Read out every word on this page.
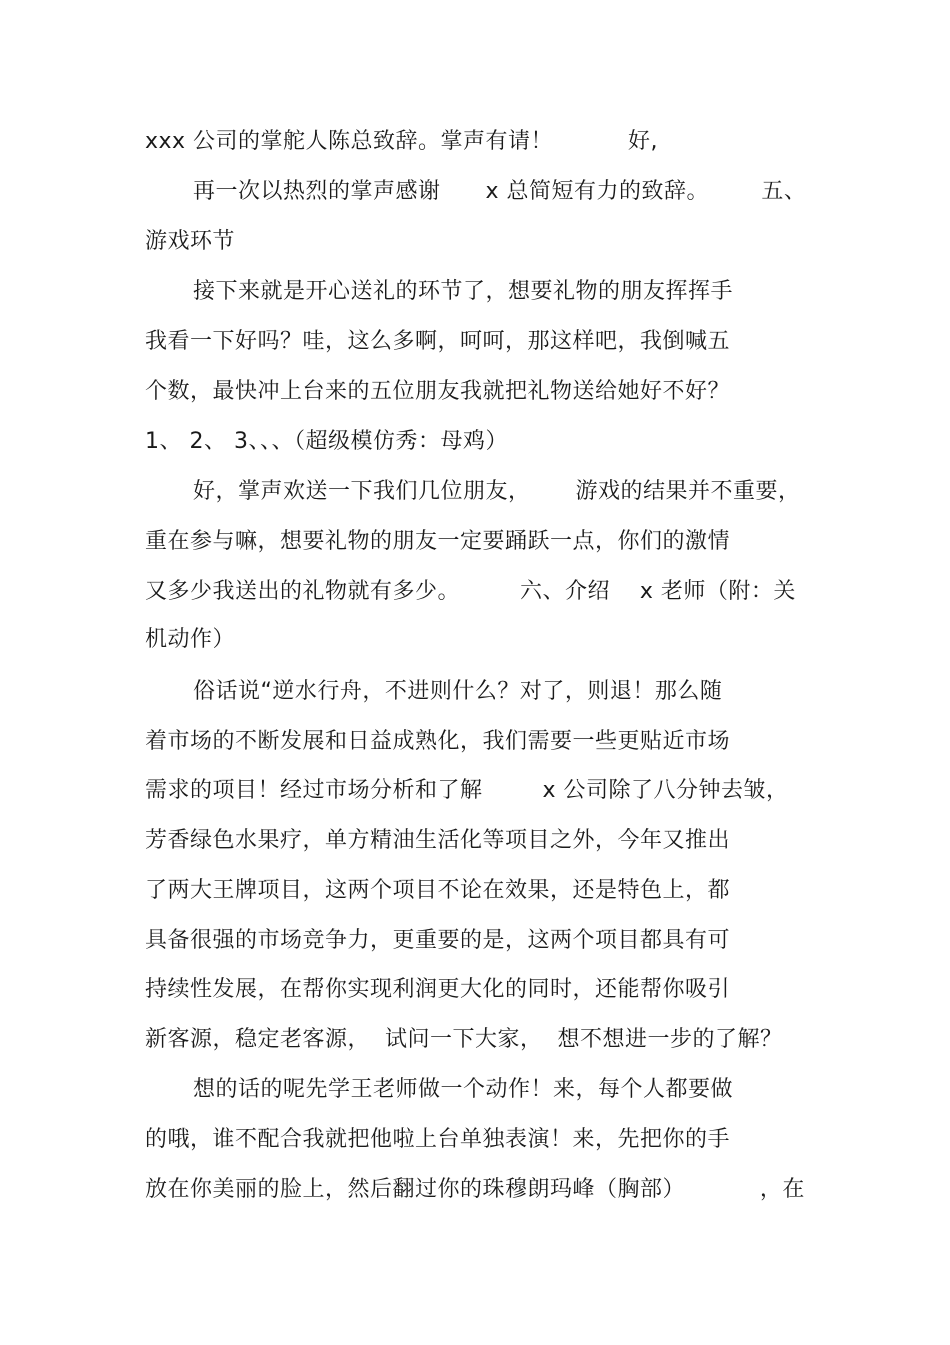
xxx 公司的掌舵人陈总致辞。掌声有请！          好,
再一次以热烈的掌声感谢      x 总简短有力的致辞。       五、
游戏环节
接下来就是开心送礼的环节了，想要礼物的朋友挥挥手
我看一下好吗？哇，这么多啊，呵呵，那这样吧，我倒喊五
个数，最快冲上台来的五位朋友我就把礼物送给她好不好？
1、 2、 3、、、（超级模仿秀：母鸡）
好，掌声欢送一下我们几位朋友，      游戏的结果并不重要，
重在参与嘛，想要礼物的朋友一定要踊跃一点，你们的激情
又多少我送出的礼物就有多少。        六、介绍    x 老师（附：关
机动作）
俗话说“逆水行舟，不进则什么？对了，则退！那么随
着市场的不断发展和日益成熟化，我们需要一些更贴近市场
需求的项目！经过市场分析和了解        x 公司除了八分钟去皱，
芳香绿色水果疗，单方精油生活化等项目之外，今年又推出
了两大王牌项目，这两个项目不论在效果，还是特色上，都
具备很强的市场竞争力，更重要的是，这两个项目都具有可
持续性发展，在帮你实现利润更大化的同时，还能帮你吸引
新客源，稳定老客源，  试问一下大家，  想不想进一步的了解？
想的话的呢先学王老师做一个动作！来，每个人都要做
的哦，谁不配合我就把他啦上台单独表演！来，先把你的手
放在你美丽的脸上，然后翻过你的珠穆朗玛峰（胸部）          ，在
